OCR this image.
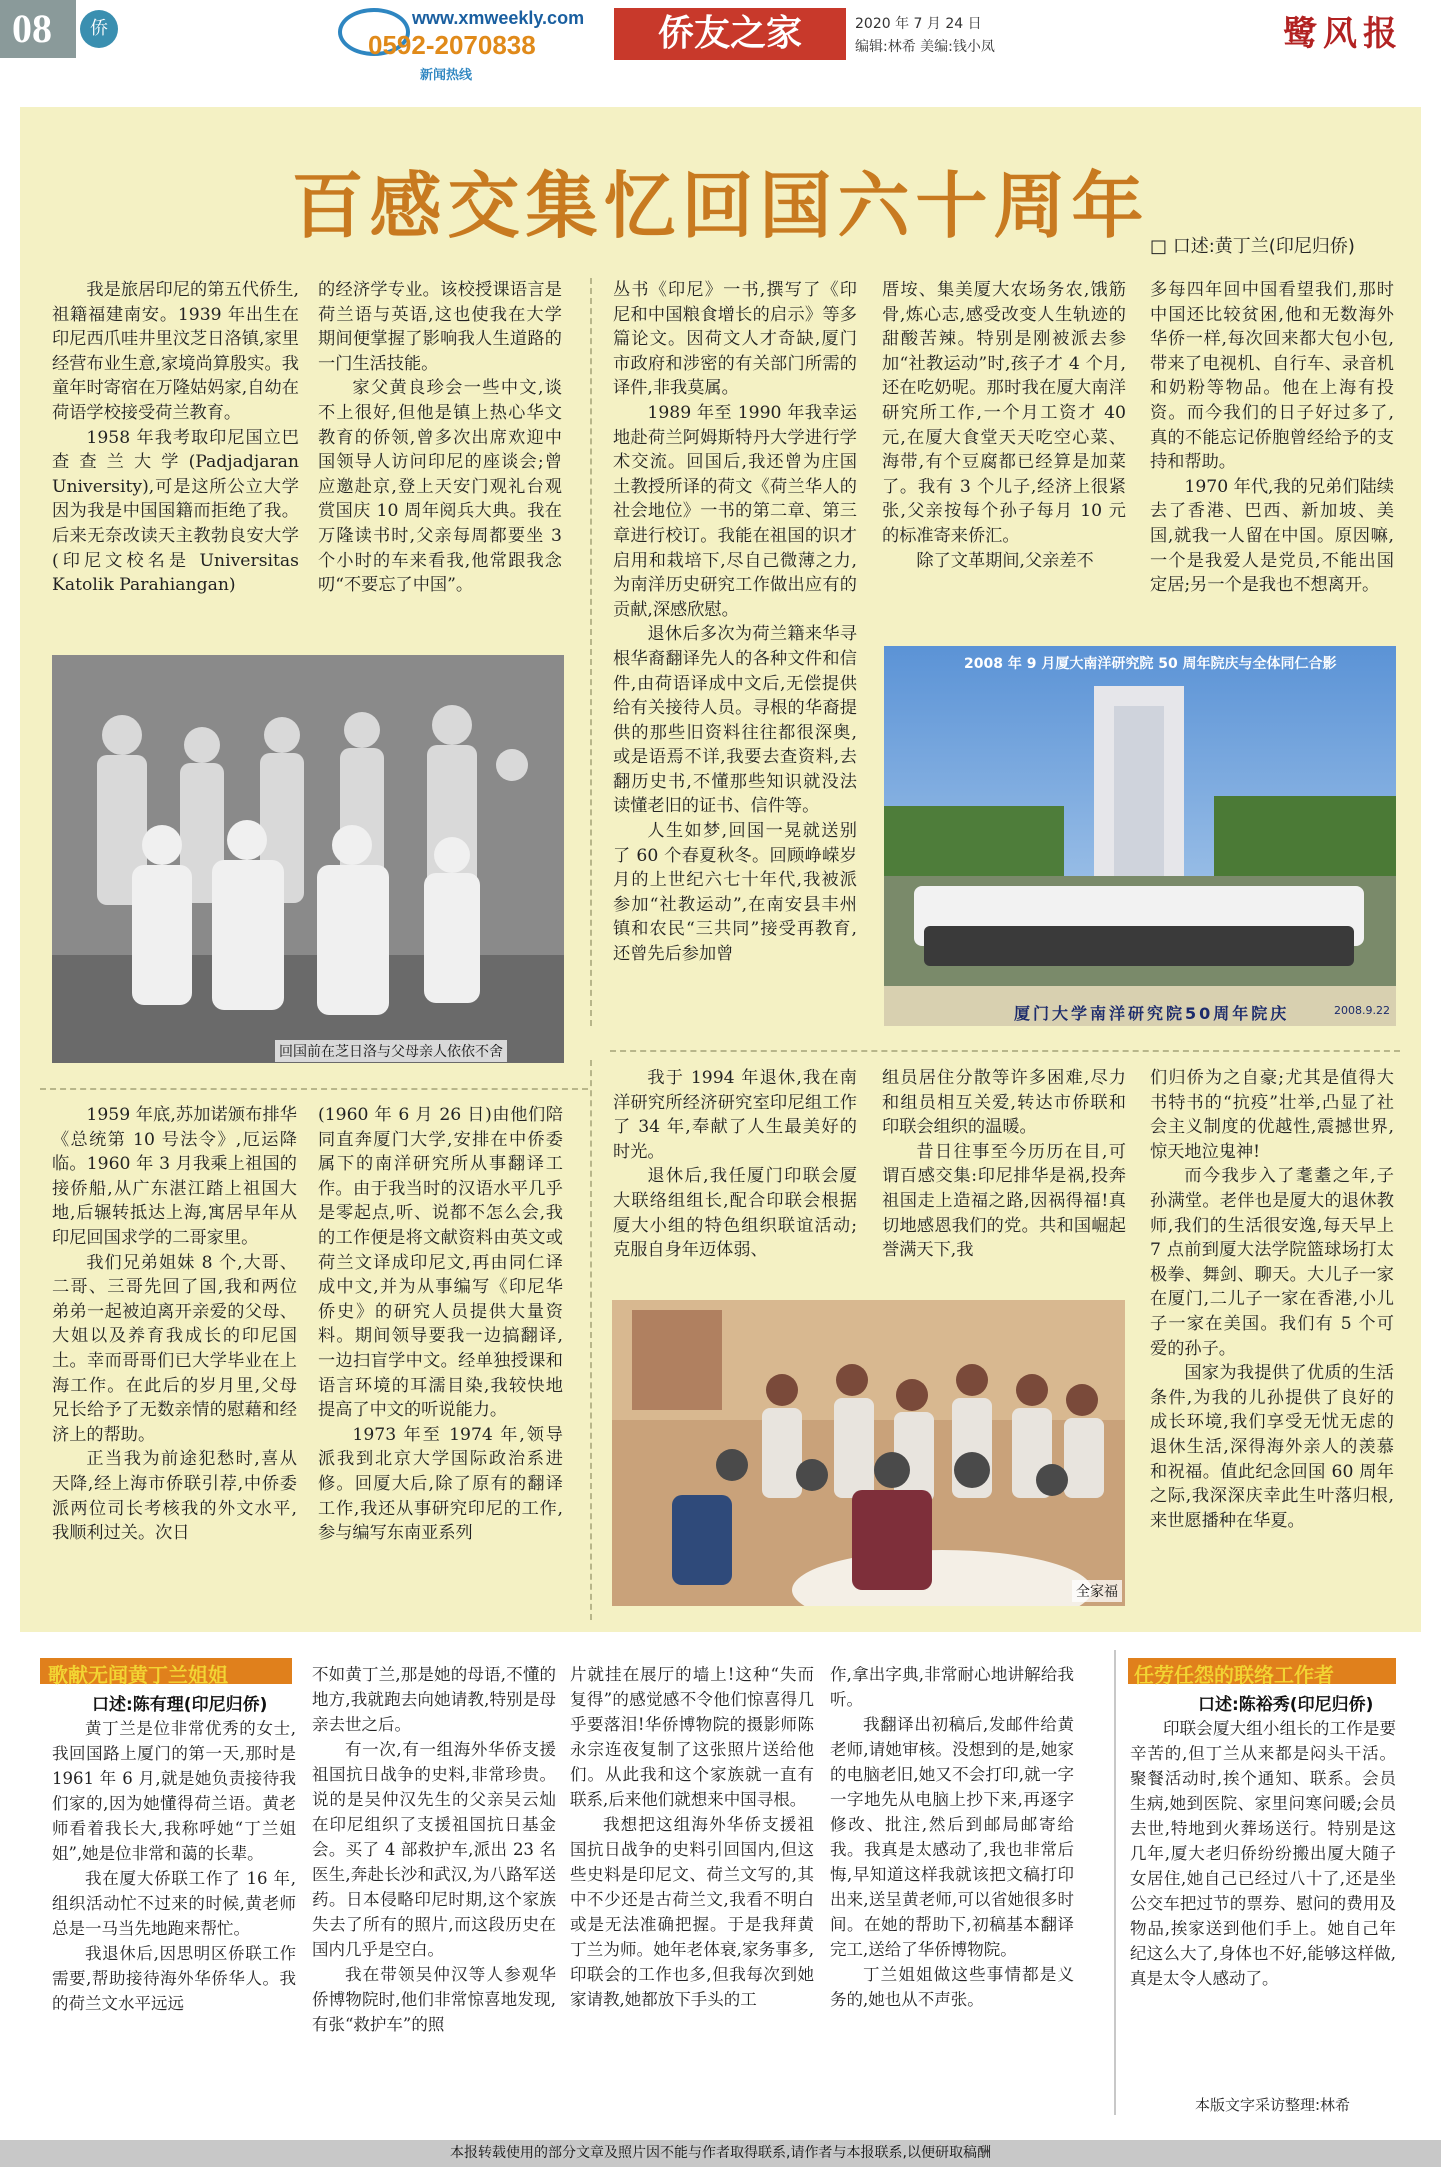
08	侨	www.xmweekly.com
0592-2070838
新闻热线
侨友之家	2020 年 7 月 24 日
编辑:林希 美编:钱小凤	鹭风报
百感交集忆回国六十周年 □ 口述:黄丁兰(印尼归侨)

我是旅居印尼的第五代侨生,祖籍福建南安。1939 年出生在印尼西爪哇井里汶芝日洛镇,家里经营布业生意,家境尚算殷实。我童年时寄宿在万隆姑妈家,自幼在荷语学校接受荷兰教育。

1958 年我考取印尼国立巴查查兰大学(Padjadjaran University),可是这所公立大学因为我是中国国籍而拒绝了我。后来无奈改读天主教勃良安大学(印尼文校名是 Universitas Katolik Parahiangan)

的经济学专业。该校授课语言是荷兰语与英语,这也使我在大学期间便掌握了影响我人生道路的一门生活技能。

家父黄良珍会一些中文,谈不上很好,但他是镇上热心华文教育的侨领,曾多次出席欢迎中国领导人访问印尼的座谈会;曾应邀赴京,登上天安门观礼台观赏国庆 10 周年阅兵大典。我在万隆读书时,父亲每周都要坐 3 个小时的车来看我,他常跟我念叨“不要忘了中国”。

丛书《印尼》一书,撰写了《印尼和中国粮食增长的启示》等多篇论文。因荷文人才奇缺,厦门市政府和涉密的有关部门所需的译件,非我莫属。

1989 年至 1990 年我幸运地赴荷兰阿姆斯特丹大学进行学术交流。回国后,我还曾为庄国土教授所译的荷文《荷兰华人的社会地位》一书的第二章、第三章进行校订。我能在祖国的识才启用和栽培下,尽自己微薄之力,为南洋历史研究工作做出应有的贡献,深感欣慰。

退休后多次为荷兰籍来华寻根华裔翻译先人的各种文件和信件,由荷语译成中文后,无偿提供给有关接待人员。寻根的华裔提供的那些旧资料往往都很深奥,或是语焉不详,我要去查资料,去翻历史书,不懂那些知识就没法读懂老旧的证书、信件等。

人生如梦,回国一晃就送别了 60 个春夏秋冬。回顾峥嵘岁月的上世纪六七十年代,我被派参加“社教运动”,在南安县丰州镇和农民“三共同”接受再教育,还曾先后参加曾

厝垵、集美厦大农场务农,饿筋骨,炼心志,感受改变人生轨迹的甜酸苦辣。特别是刚被派去参加“社教运动”时,孩子才 4 个月,还在吃奶呢。那时我在厦大南洋研究所工作,一个月工资才 40 元,在厦大食堂天天吃空心菜、海带,有个豆腐都已经算是加菜了。我有 3 个儿子,经济上很紧张,父亲按每个孙子每月 10 元的标准寄来侨汇。

除了文革期间,父亲差不

多每四年回中国看望我们,那时中国还比较贫困,他和无数海外华侨一样,每次回来都大包小包,带来了电视机、自行车、录音机和奶粉等物品。他在上海有投资。而今我们的日子好过多了,真的不能忘记侨胞曾经给予的支持和帮助。

1970 年代,我的兄弟们陆续去了香港、巴西、新加坡、美国,就我一人留在中国。原因嘛,一个是我爱人是党员,不能出国定居;另一个是我也不想离开。

回国前在芝日洛与父母亲人依依不舍
2008 年 9 月厦大南洋研究院 50 周年院庆与全体同仁合影
厦门大学南洋研究院50周年院庆	2008.9.22

1959 年底,苏加诺颁布排华《总统第 10 号法令》,厄运降临。1960 年 3 月我乘上祖国的接侨船,从广东湛江踏上祖国大地,后辗转抵达上海,寓居早年从印尼回国求学的二哥家里。

我们兄弟姐妹 8 个,大哥、二哥、三哥先回了国,我和两位弟弟一起被迫离开亲爱的父母、大姐以及养育我成长的印尼国土。幸而哥哥们已大学毕业在上海工作。在此后的岁月里,父母兄长给予了无数亲情的慰藉和经济上的帮助。

正当我为前途犯愁时,喜从天降,经上海市侨联引荐,中侨委派两位司长考核我的外文水平,我顺利过关。次日

(1960 年 6 月 26 日)由他们陪同直奔厦门大学,安排在中侨委属下的南洋研究所从事翻译工作。由于我当时的汉语水平几乎是零起点,听、说都不怎么会,我的工作便是将文献资料由英文或荷兰文译成印尼文,再由同仁译成中文,并为从事编写《印尼华侨史》的研究人员提供大量资料。期间领导要我一边搞翻译,一边扫盲学中文。经单独授课和语言环境的耳濡目染,我较快地提高了中文的听说能力。

1973 年至 1974 年,领导派我到北京大学国际政治系进修。回厦大后,除了原有的翻译工作,我还从事研究印尼的工作,参与编写东南亚系列

我于 1994 年退休,我在南洋研究所经济研究室印尼组工作了 34 年,奉献了人生最美好的时光。

退休后,我任厦门印联会厦大联络组组长,配合印联会根据厦大小组的特色组织联谊活动;克服自身年迈体弱、

组员居住分散等许多困难,尽力和组员相互关爱,转达市侨联和印联会组织的温暖。

昔日往事至今历历在目,可谓百感交集:印尼排华是祸,投奔祖国走上造福之路,因祸得福!真切地感恩我们的党。共和国崛起誉满天下,我

们归侨为之自豪;尤其是值得大书特书的“抗疫”壮举,凸显了社会主义制度的优越性,震撼世界,惊天地泣鬼神!

而今我步入了耄耋之年,子孙满堂。老伴也是厦大的退休教师,我们的生活很安逸,每天早上 7 点前到厦大法学院篮球场打太极拳、舞剑、聊天。大儿子一家在厦门,二儿子一家在香港,小儿子一家在美国。我们有 5 个可爱的孙子。

国家为我提供了优质的生活条件,为我的儿孙提供了良好的成长环境,我们享受无忧无虑的退休生活,深得海外亲人的羡慕和祝福。值此纪念回国 60 周年之际,我深深庆幸此生叶落归根,来世愿播种在华夏。

全家福
歌献无闻黄丁兰姐姐
口述:陈有理(印尼归侨)

黄丁兰是位非常优秀的女士,我回国路上厦门的第一天,那时是 1961 年 6 月,就是她负责接待我们家的,因为她懂得荷兰语。黄老师看着我长大,我称呼她“丁兰姐姐”,她是位非常和蔼的长辈。

我在厦大侨联工作了 16 年,组织活动忙不过来的时候,黄老师总是一马当先地跑来帮忙。

我退休后,因思明区侨联工作需要,帮助接待海外华侨华人。我的荷兰文水平远远

不如黄丁兰,那是她的母语,不懂的地方,我就跑去向她请教,特别是母亲去世之后。

有一次,有一组海外华侨支援祖国抗日战争的史料,非常珍贵。说的是吴仲汉先生的父亲吴云灿在印尼组织了支援祖国抗日基金会。买了 4 部救护车,派出 23 名医生,奔赴长沙和武汉,为八路军送药。日本侵略印尼时期,这个家族失去了所有的照片,而这段历史在国内几乎是空白。

我在带领吴仲汉等人参观华侨博物院时,他们非常惊喜地发现,有张“救护车”的照

片就挂在展厅的墙上!这种“失而复得”的感觉感不令他们惊喜得几乎要落泪!华侨博物院的摄影师陈永宗连夜复制了这张照片送给他们。从此我和这个家族就一直有联系,后来他们就想来中国寻根。

我想把这组海外华侨支援祖国抗日战争的史料引回国内,但这些史料是印尼文、荷兰文写的,其中不少还是古荷兰文,我看不明白或是无法准确把握。于是我拜黄丁兰为师。她年老体衰,家务事多,印联会的工作也多,但我每次到她家请教,她都放下手头的工

作,拿出字典,非常耐心地讲解给我听。

我翻译出初稿后,发邮件给黄老师,请她审核。没想到的是,她家的电脑老旧,她又不会打印,就一字一字地先从电脑上抄下来,再逐字修改、批注,然后到邮局邮寄给我。我真是太感动了,我也非常后悔,早知道这样我就该把文稿打印出来,送呈黄老师,可以省她很多时间。在她的帮助下,初稿基本翻译完工,送给了华侨博物院。

丁兰姐姐做这些事情都是义务的,她也从不声张。

任劳任怨的联络工作者
口述:陈裕秀(印尼归侨)

印联会厦大组小组长的工作是要辛苦的,但丁兰从来都是闷头干活。聚餐活动时,挨个通知、联系。会员生病,她到医院、家里问寒问暖;会员去世,特地到火葬场送行。特别是这几年,厦大老归侨纷纷搬出厦大随子女居住,她自己已经过八十了,还是坐公交车把过节的票券、慰问的费用及物品,挨家送到他们手上。她自己年纪这么大了,身体也不好,能够这样做,真是太令人感动了。

本版文字采访整理:林希
本报转载使用的部分文章及照片因不能与作者取得联系,请作者与本报联系,以便研取稿酬
